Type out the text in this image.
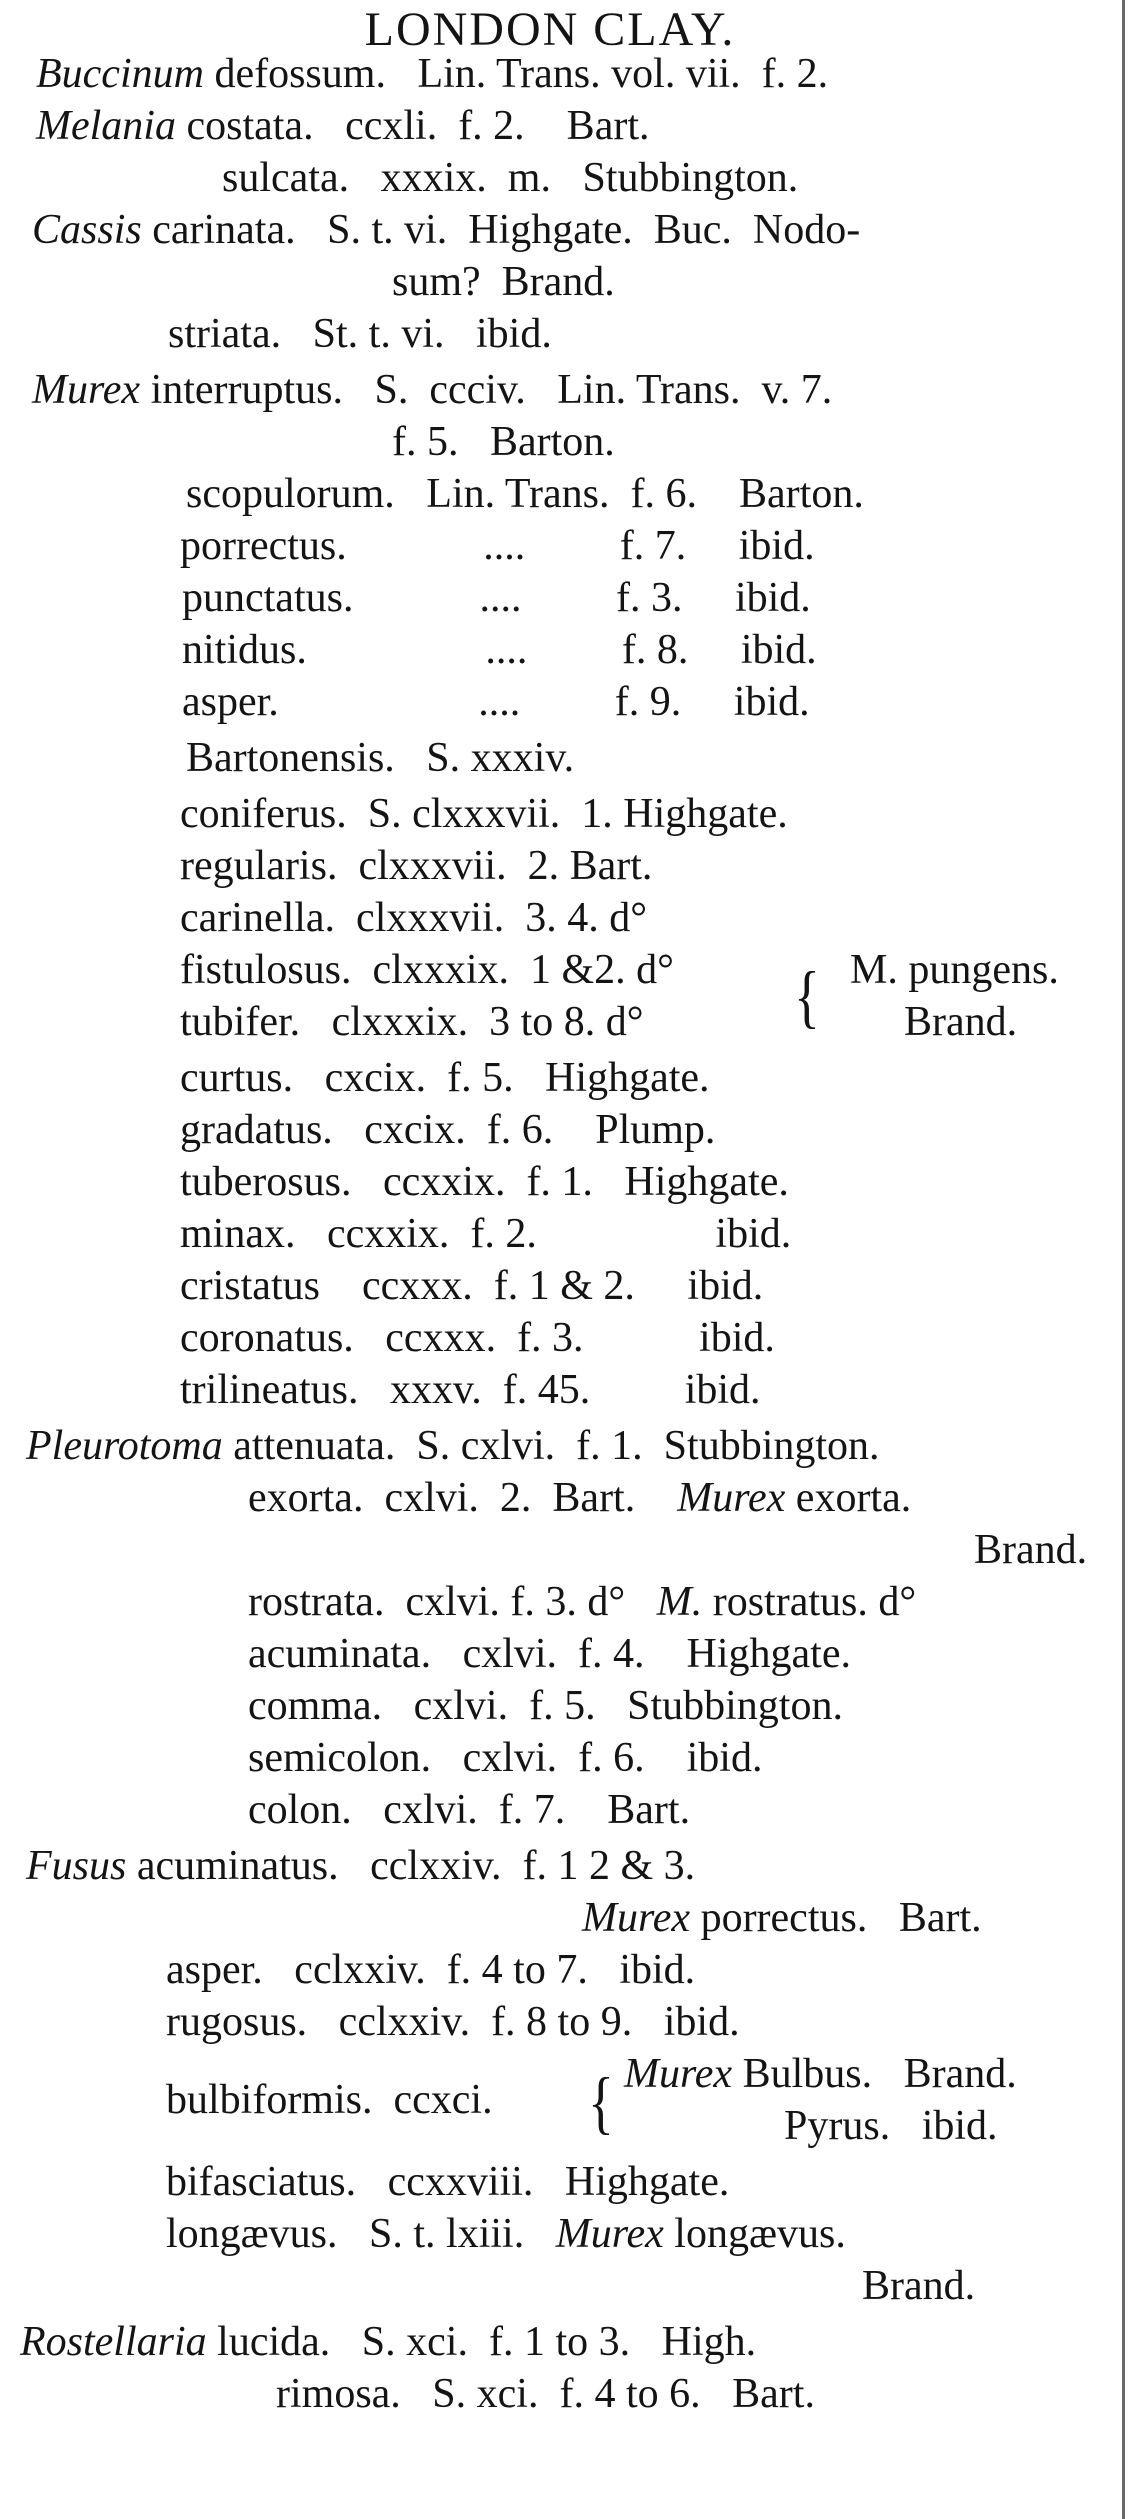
LONDON CLAY.
Buccinum defossum.   Lin. Trans. vol. vii.  f. 2.
Melania costata.   ccxli.  f. 2.    Bart.
sulcata.   xxxix.  m.   Stubbington.
Cassis carinata.   S. t. vi.  Highgate.  Buc.  Nodo-
sum?  Brand.
striata.   St. t. vi.   ibid.
Murex interruptus.   S.  ccciv.   Lin. Trans.  v. 7.
f. 5.   Barton.
scopulorum.   Lin. Trans.  f. 6.    Barton.
porrectus.             ....         f. 7.     ibid.
punctatus.            ....         f. 3.     ibid.
nitidus.                 ....         f. 8.     ibid.
asper.                   ....         f. 9.     ibid.
Bartonensis.   S. xxxiv.
coniferus.  S. clxxxvii.  1. Highgate.
regularis.  clxxxvii.  2. Bart.
carinella.  clxxxvii.  3. 4. d°
fistulosus.  clxxxix.  1 &2. d°	M. pungens.
tubifer.   clxxxix.  3 to 8. d°	Brand.
curtus.   cxcix.  f. 5.   Highgate.
gradatus.   cxcix.  f. 6.    Plump.
tuberosus.   ccxxix.  f. 1.   Highgate.
minax.   ccxxix.  f. 2.                 ibid.
cristatus    ccxxx.  f. 1 & 2.     ibid.
coronatus.   ccxxx.  f. 3.           ibid.
trilineatus.   xxxv.  f. 45.         ibid.
Pleurotoma attenuata.  S. cxlvi.  f. 1.  Stubbington.
exorta.  cxlvi.  2.  Bart.    Murex exorta.
Brand.
rostrata.  cxlvi. f. 3. d°   M. rostratus. d°
acuminata.   cxlvi.  f. 4.    Highgate.
comma.   cxlvi.  f. 5.   Stubbington.
semicolon.   cxlvi.  f. 6.    ibid.
colon.   cxlvi.  f. 7.    Bart.
Fusus acuminatus.   cclxxiv.  f. 1 2 & 3.
Murex porrectus.   Bart.
asper.   cclxxiv.  f. 4 to 7.   ibid.
rugosus.   cclxxiv.  f. 8 to 9.   ibid.
bulbiformis.  ccxci.
Murex Bulbus.   Brand.
Pyrus.   ibid.
bifasciatus.   ccxxviii.   Highgate.
longævus.   S. t. lxiii.   Murex longævus.
Brand.
Rostellaria lucida.   S. xci.  f. 1 to 3.   High.
rimosa.   S. xci.  f. 4 to 6.   Bart.
{
{
